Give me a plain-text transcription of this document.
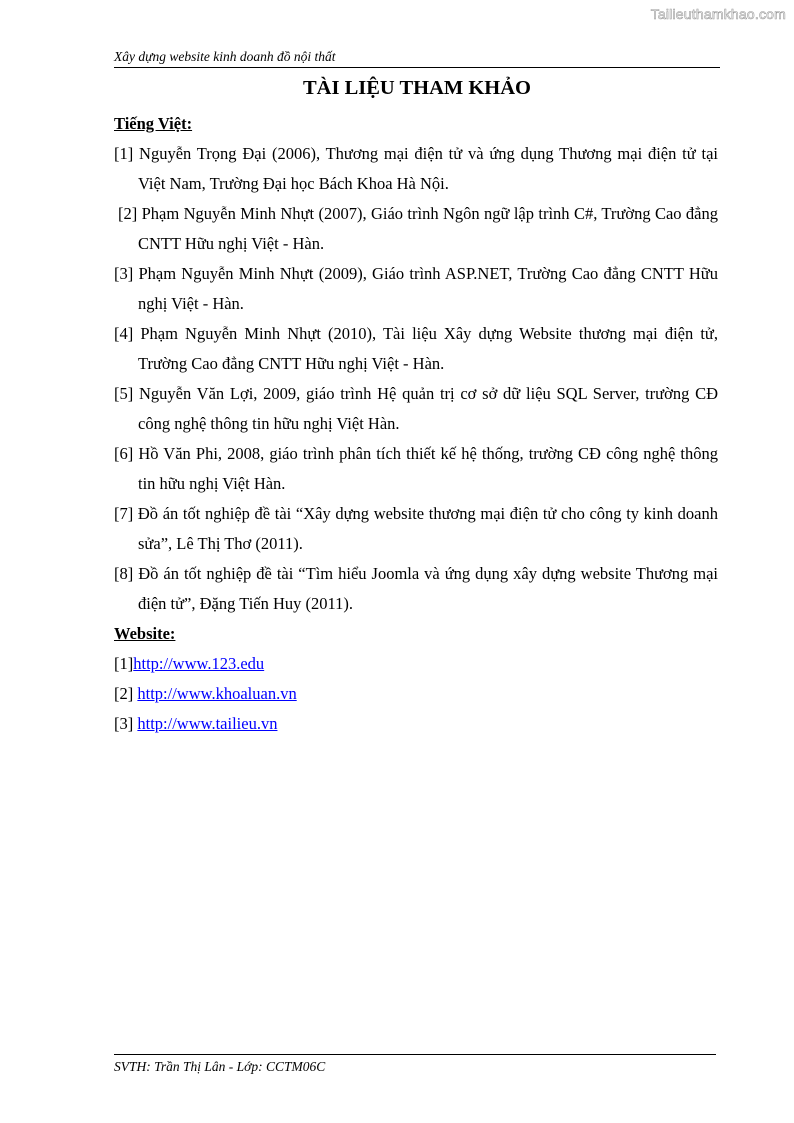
Tailieuthamkhao.com
Xây dựng website kinh doanh đồ nội thất
TÀI LIỆU THAM KHẢO
Tiếng Việt:
[1] Nguyễn Trọng Đại (2006), Thương mại điện tử và ứng dụng Thương mại điện tử tại Việt Nam, Trường Đại học Bách Khoa Hà Nội.
[2] Phạm Nguyễn Minh Nhựt (2007), Giáo trình Ngôn ngữ lập trình C#, Trường Cao đẳng CNTT Hữu nghị Việt - Hàn.
[3] Phạm Nguyễn Minh Nhựt (2009), Giáo trình ASP.NET, Trường Cao đẳng CNTT Hữu nghị Việt - Hàn.
[4] Phạm Nguyễn Minh Nhựt (2010), Tài liệu Xây dựng Website thương mại điện tử, Trường Cao đẳng CNTT Hữu nghị Việt - Hàn.
[5] Nguyễn Văn Lợi, 2009, giáo trình Hệ quản trị cơ sở dữ liệu SQL Server, trường CĐ công nghệ thông tin hữu nghị Việt Hàn.
[6] Hồ Văn Phi, 2008, giáo trình phân tích thiết kế hệ thống, trường CĐ công nghệ thông tin hữu nghị Việt Hàn.
[7] Đồ án tốt nghiệp đề tài “Xây dựng website thương mại điện tử cho công ty kinh doanh sửa”, Lê Thị Thơ (2011).
[8] Đồ án tốt nghiệp đề tài “Tìm hiểu Joomla và ứng dụng xây dựng website Thương mại điện tử”, Đặng Tiến Huy (2011).
Website:
[1]http://www.123.edu
[2] http://www.khoaluan.vn
[3] http://www.tailieu.vn
SVTH: Trần Thị Lân - Lớp: CCTM06C
